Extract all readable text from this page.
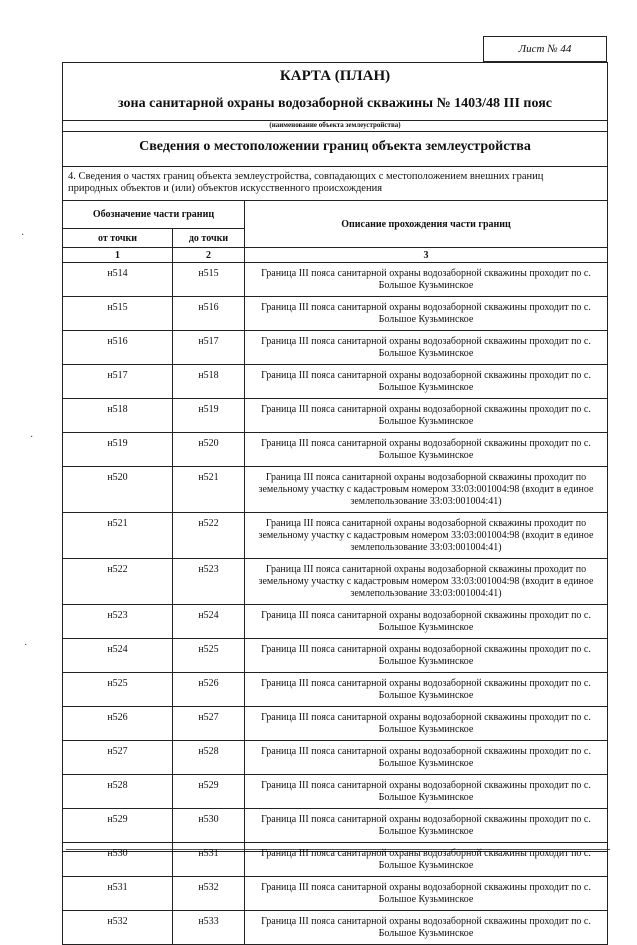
Лист № 44
КАРТА (ПЛАН)
зона санитарной охраны водозаборной скважины № 1403/48 III пояс
(наименование объекта землеустройства)
Сведения о местоположении границ объекта землеустройства
4. Сведения о частях границ объекта землеустройства, совпадающих с местоположением внешних границ природных объектов и (или) объектов искусственного происхождения
Обозначение части границ		Описание прохождения части границ
от точки	до точки	
1	2	3
н514	н515	Граница III пояса санитарной охраны водозаборной скважины проходит по с. Большое Кузьминское
н515	н516	Граница III пояса санитарной охраны водозаборной скважины проходит по с. Большое Кузьминское
н516	н517	Граница III пояса санитарной охраны водозаборной скважины проходит по с. Большое Кузьминское
н517	н518	Граница III пояса санитарной охраны водозаборной скважины проходит по с. Большое Кузьминское
н518	н519	Граница III пояса санитарной охраны водозаборной скважины проходит по с. Большое Кузьминское
н519	н520	Граница III пояса санитарной охраны водозаборной скважины проходит по с. Большое Кузьминское
н520	н521	Граница III пояса санитарной охраны водозаборной скважины проходит по земельному участку с кадастровым номером 33:03:001004:98 (входит в единое землепользование 33:03:001004:41)
н521	н522	Граница III пояса санитарной охраны водозаборной скважины проходит по земельному участку с кадастровым номером 33:03:001004:98 (входит в единое землепользование 33:03:001004:41)
н522	н523	Граница III пояса санитарной охраны водозаборной скважины проходит по земельному участку с кадастровым номером 33:03:001004:98 (входит в единое землепользование 33:03:001004:41)
н523	н524	Граница III пояса санитарной охраны водозаборной скважины проходит по с. Большое Кузьминское
н524	н525	Граница III пояса санитарной охраны водозаборной скважины проходит по с. Большое Кузьминское
н525	н526	Граница III пояса санитарной охраны водозаборной скважины проходит по с. Большое Кузьминское
н526	н527	Граница III пояса санитарной охраны водозаборной скважины проходит по с. Большое Кузьминское
н527	н528	Граница III пояса санитарной охраны водозаборной скважины проходит по с. Большое Кузьминское
н528	н529	Граница III пояса санитарной охраны водозаборной скважины проходит по с. Большое Кузьминское
н529	н530	Граница III пояса санитарной охраны водозаборной скважины проходит по с. Большое Кузьминское
н530	н531	Граница III пояса санитарной охраны водозаборной скважины проходит по с. Большое Кузьминское
н531	н532	Граница III пояса санитарной охраны водозаборной скважины проходит по с. Большое Кузьминское
н532	н533	Граница III пояса санитарной охраны водозаборной скважины проходит по с. Большое Кузьминское
·
·
·
